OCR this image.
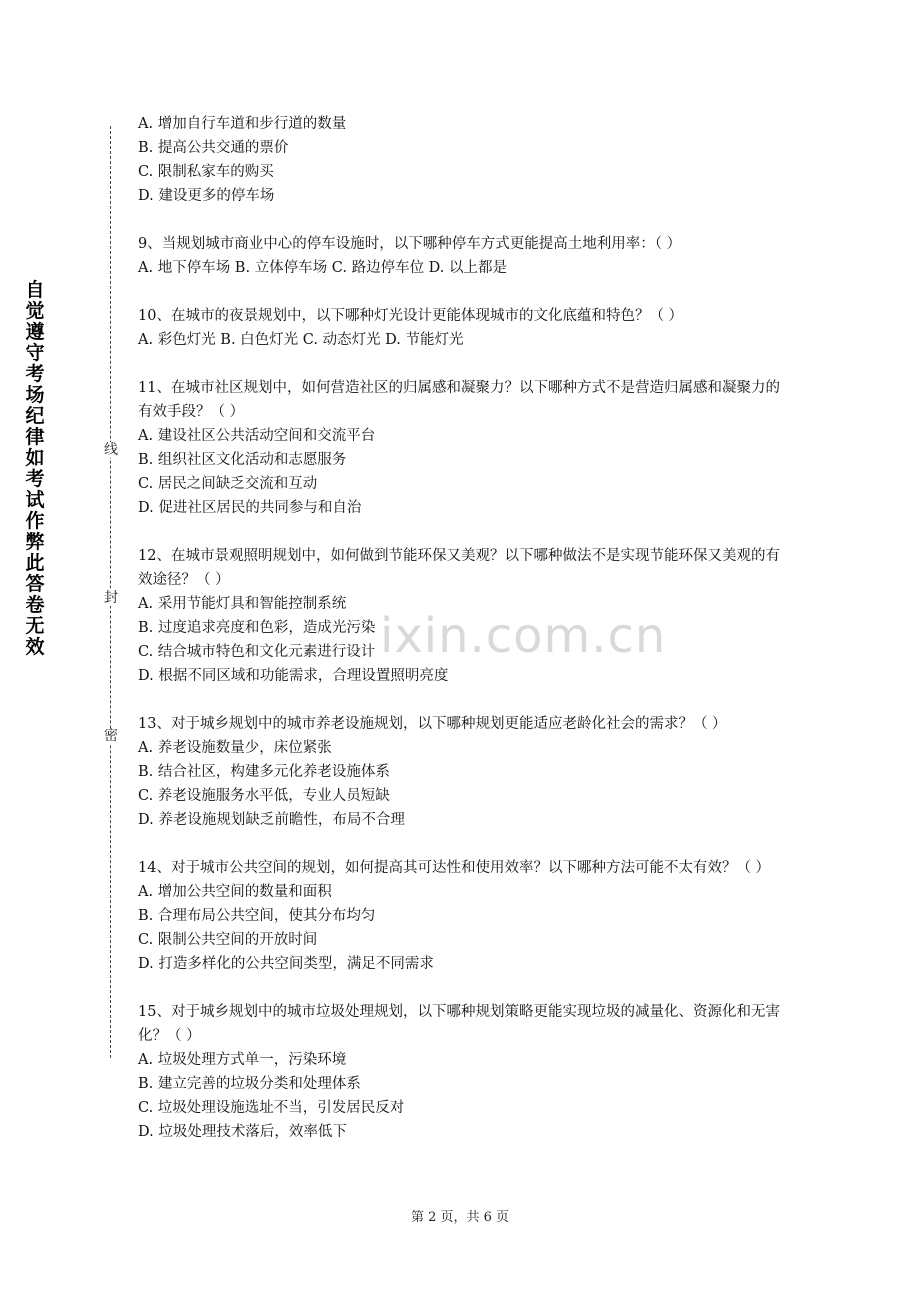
自觉遵守考场纪律如考试作弊此答卷无效
线
封
密
ixin.com.cn
A. 增加自行车道和步行道的数量
B. 提高公共交通的票价
C. 限制私家车的购买
D. 建设更多的停车场
9、当规划城市商业中心的停车设施时，以下哪种停车方式更能提高土地利用率：（ ）
A. 地下停车场 B. 立体停车场 C. 路边停车位 D. 以上都是
10、在城市的夜景规划中，以下哪种灯光设计更能体现城市的文化底蕴和特色？（ ）
A. 彩色灯光 B. 白色灯光 C. 动态灯光 D. 节能灯光
11、在城市社区规划中，如何营造社区的归属感和凝聚力？以下哪种方式不是营造归属感和凝聚力的有效手段？（ ）
A. 建设社区公共活动空间和交流平台
B. 组织社区文化活动和志愿服务
C. 居民之间缺乏交流和互动
D. 促进社区居民的共同参与和自治
12、在城市景观照明规划中，如何做到节能环保又美观？以下哪种做法不是实现节能环保又美观的有效途径？（ ）
A. 采用节能灯具和智能控制系统
B. 过度追求亮度和色彩，造成光污染
C. 结合城市特色和文化元素进行设计
D. 根据不同区域和功能需求，合理设置照明亮度
13、对于城乡规划中的城市养老设施规划，以下哪种规划更能适应老龄化社会的需求？（ ）
A. 养老设施数量少，床位紧张
B. 结合社区，构建多元化养老设施体系
C. 养老设施服务水平低，专业人员短缺
D. 养老设施规划缺乏前瞻性，布局不合理
14、对于城市公共空间的规划，如何提高其可达性和使用效率？以下哪种方法可能不太有效？（ ）
A. 增加公共空间的数量和面积
B. 合理布局公共空间，使其分布均匀
C. 限制公共空间的开放时间
D. 打造多样化的公共空间类型，满足不同需求
15、对于城乡规划中的城市垃圾处理规划，以下哪种规划策略更能实现垃圾的减量化、资源化和无害化？（ ）
A. 垃圾处理方式单一，污染环境
B. 建立完善的垃圾分类和处理体系
C. 垃圾处理设施选址不当，引发居民反对
D. 垃圾处理技术落后，效率低下
第 2 页，共 6 页
